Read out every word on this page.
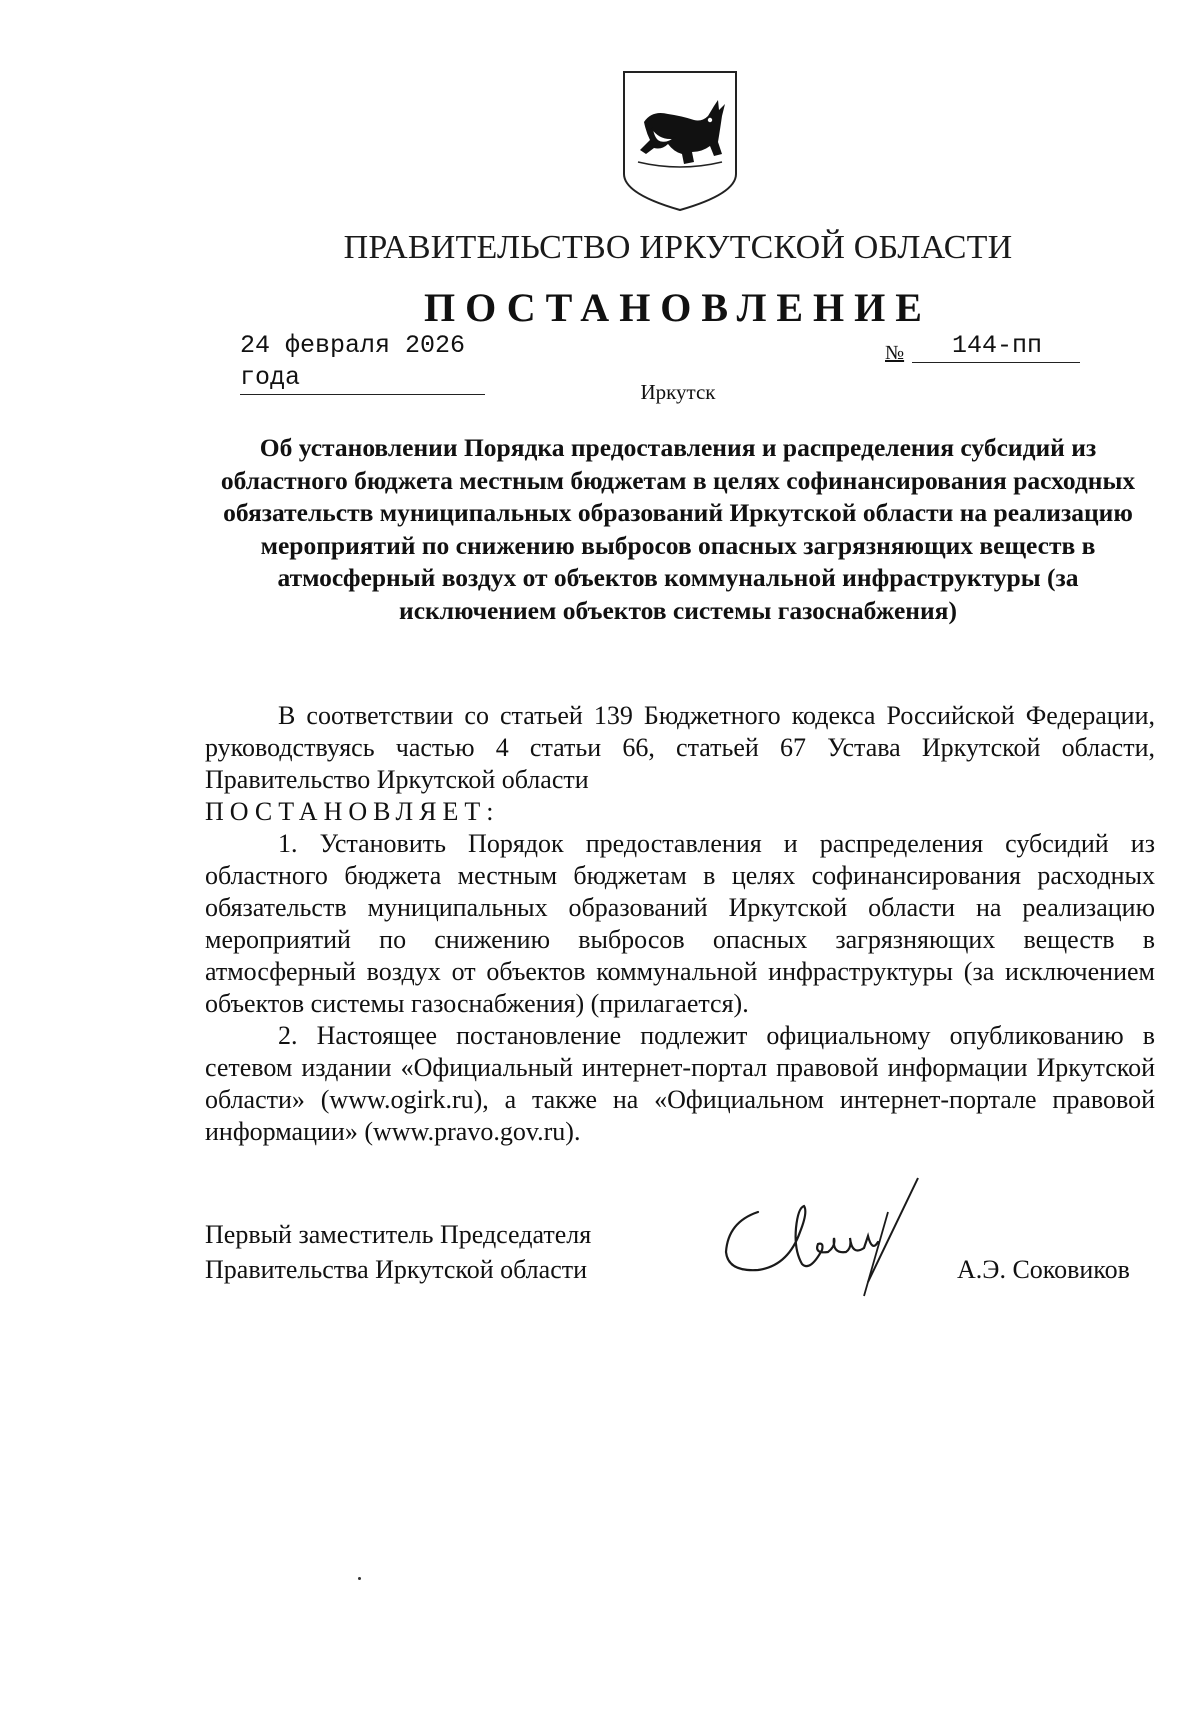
ПРАВИТЕЛЬСТВО ИРКУТСКОЙ ОБЛАСТИ
ПОСТАНОВЛЕНИЕ
24 февраля 2026 года
№	144-пп
Иркутск
Об установлении Порядка предоставления и распределения субсидий из областного бюджета местным бюджетам в целях софинансирования расходных обязательств муниципальных образований Иркутской области на реализацию мероприятий по снижению выбросов опасных загрязняющих веществ в атмосферный воздух от объектов коммунальной инфраструктуры (за исключением объектов системы газоснабжения)

В соответствии со статьей 139 Бюджетного кодекса Российской Федерации, руководствуясь частью 4 статьи 66, статьей 67 Устава Иркутской области, Правительство Иркутской области

ПОСТАНОВЛЯЕТ:

1. Установить Порядок предоставления и распределения субсидий из областного бюджета местным бюджетам в целях софинансирования расходных обязательств муниципальных образований Иркутской области на реализацию мероприятий по снижению выбросов опасных загрязняющих веществ в атмосферный воздух от объектов коммунальной инфраструктуры (за исключением объектов системы газоснабжения) (прилагается).

2. Настоящее постановление подлежит официальному опубликованию в сетевом издании «Официальный интернет-портал правовой информации Иркутской области» (www.ogirk.ru), а также на «Официальном интернет-портале правовой информации» (www.pravo.gov.ru).

Первый заместитель Председателя
Правительства Иркутской области	А.Э. Соковиков
